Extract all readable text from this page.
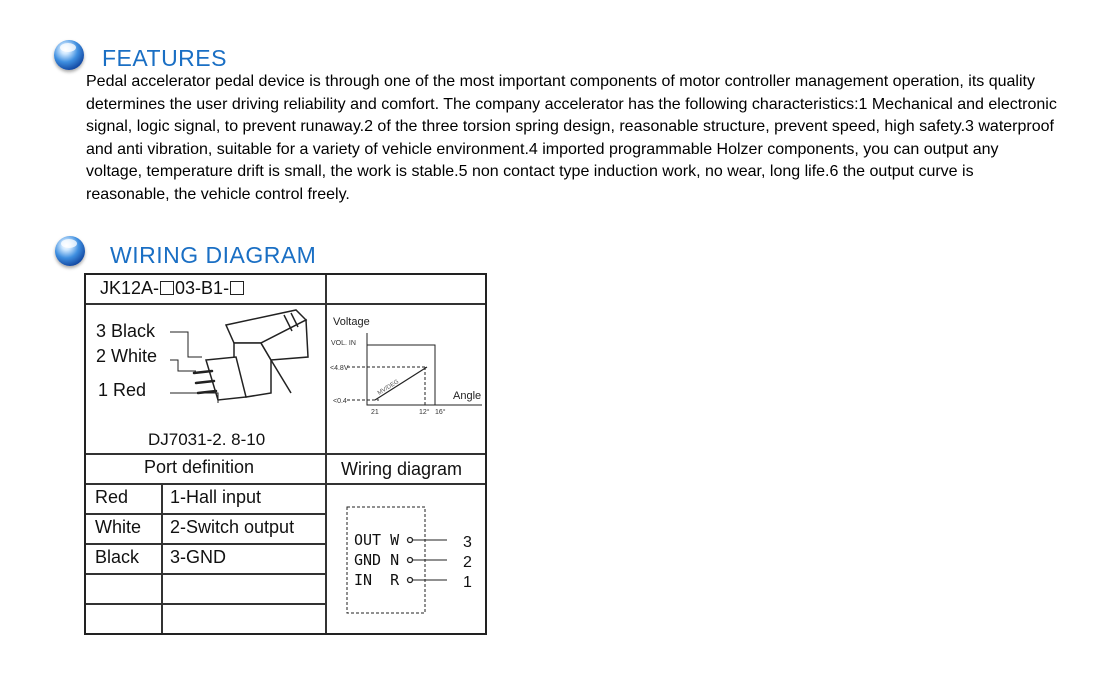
FEATURES

Pedal accelerator pedal device is through one of the most important components of motor controller management operation, its quality determines the user driving reliability and comfort. The company accelerator has the following characteristics:1 Mechanical and electronic signal, logic signal, to prevent runaway.2 of the three torsion spring design, reasonable structure, prevent speed, high safety.3 waterproof and anti vibration, suitable for a variety of vehicle environment.4 imported programmable Holzer components, you can output any voltage, temperature drift is small, the work is stable.5 non contact type induction work, no wear, long life.6 the output curve is reasonable, the vehicle control freely.

WIRING DIAGRAM
JK12A- 03-B1-
3 Black
2 White
1 Red
DJ7031-2. 8-10
Voltage
VOL. IN
MV/DEG
<4.8V
<0.4	Angle
21	12° 16°
Port definition	Wiring diagram
Red 1-Hall input
White 2-Switch output
Black 3-GND
OUT W
GND N
IN  R
3
2
1
